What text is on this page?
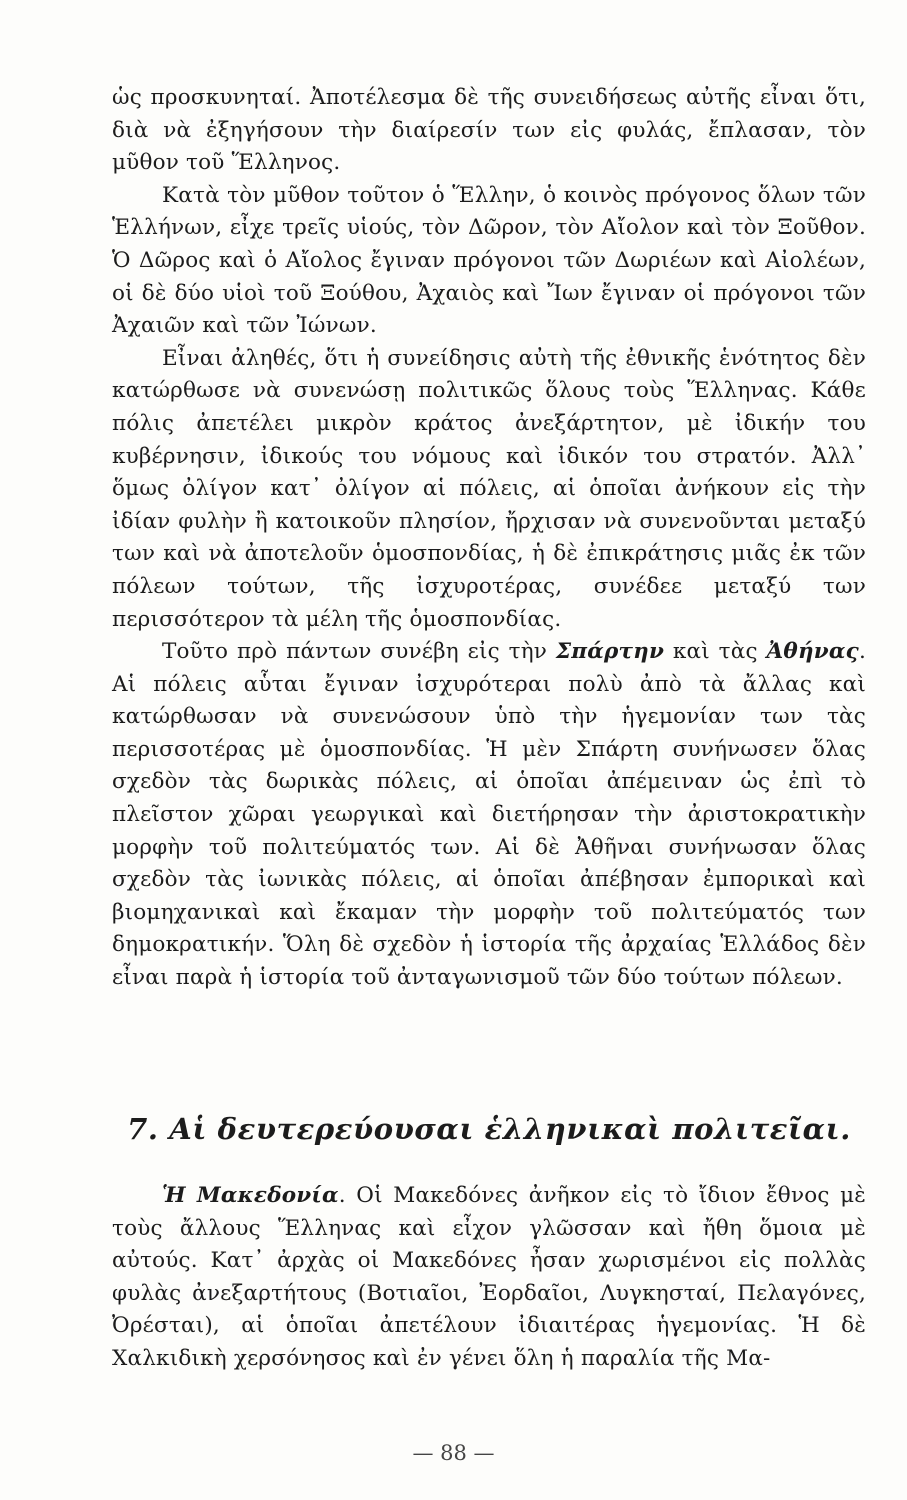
ὡς προσκυνηταί. Ἀποτέλεσμα δὲ τῆς συνειδήσεως αὐτῆς εἶναι ὅτι, διὰ νὰ ἐξηγήσουν τὴν διαίρεσίν των εἰς φυλάς, ἔπλασαν, τὸν μῦθον τοῦ Ἕλληνος.

Κατὰ τὸν μῦθον τοῦτον ὁ Ἕλλην, ὁ κοινὸς πρόγονος ὅλων τῶν Ἑλλήνων, εἶχε τρεῖς υἱούς, τὸν Δῶρον, τὸν Αἴολον καὶ τὸν Ξοῦθον. Ὁ Δῶρος καὶ ὁ Αἴολος ἔγιναν πρόγονοι τῶν Δωριέων καὶ Αἰολέων, οἱ δὲ δύο υἱοὶ τοῦ Ξούθου, Ἀχαιὸς καὶ Ἴων ἔγιναν οἱ πρόγονοι τῶν Ἀχαιῶν καὶ τῶν Ἰώνων.

Εἶναι ἀληθές, ὅτι ἡ συνείδησις αὐτὴ τῆς ἐθνικῆς ἑνότητος δὲν κατώρθωσε νὰ συνενώσῃ πολιτικῶς ὅλους τοὺς Ἕλληνας. Κάθε πόλις ἀπετέλει μικρὸν κράτος ἀνεξάρτητον, μὲ ἰδικήν του κυβέρνησιν, ἰδικούς του νόμους καὶ ἰδικόν του στρατόν. Ἀλλ᾽ ὅμως ὀλίγον κατ᾽ ὀλίγον αἱ πόλεις, αἱ ὁποῖαι ἀνήκουν εἰς τὴν ἰδίαν φυλὴν ἢ κατοικοῦν πλησίον, ἤρχισαν νὰ συνενοῦνται μεταξύ των καὶ νὰ ἀποτελοῦν ὁμοσπονδίας, ἡ δὲ ἐπικράτησις μιᾶς ἐκ τῶν πόλεων τούτων, τῆς ἰσχυροτέρας, συνέδεε μεταξύ των περισσότερον τὰ μέλη τῆς ὁμοσπονδίας.

Τοῦτο πρὸ πάντων συνέβη εἰς τὴν Σπάρτην καὶ τὰς Ἀθήνας. Αἱ πόλεις αὗται ἔγιναν ἰσχυρότεραι πολὺ ἀπὸ τὰ ἄλλας καὶ κατώρθωσαν νὰ συνενώσουν ὑπὸ τὴν ἡγεμονίαν των τὰς περισσοτέρας μὲ ὁμοσπονδίας. Ἡ μὲν Σπάρτη συνήνωσεν ὅλας σχεδὸν τὰς δωρικὰς πόλεις, αἱ ὁποῖαι ἀπέμειναν ὡς ἐπὶ τὸ πλεῖστον χῶραι γεωργικαὶ καὶ διετήρησαν τὴν ἀριστοκρατικὴν μορφὴν τοῦ πολιτεύματός των. Αἱ δὲ Ἀθῆναι συνήνωσαν ὅλας σχεδὸν τὰς ἰωνικὰς πόλεις, αἱ ὁποῖαι ἀπέβησαν ἐμπορικαὶ καὶ βιομηχανικαὶ καὶ ἔκαμαν τὴν μορφὴν τοῦ πολιτεύματός των δημοκρατικήν. Ὅλη δὲ σχεδὸν ἡ ἱστορία τῆς ἀρχαίας Ἑλλάδος δὲν εἶναι παρὰ ἡ ἱστορία τοῦ ἀνταγωνισμοῦ τῶν δύο τούτων πόλεων.

7. Αἱ δευτερεύουσαι ἑλληνικαὶ πολιτεῖαι.

Ἡ Μακεδονία. Οἱ Μακεδόνες ἀνῆκον εἰς τὸ ἴδιον ἔθνος μὲ τοὺς ἄλλους Ἕλληνας καὶ εἶχον γλῶσσαν καὶ ἤθη ὅμοια μὲ αὐτούς. Κατ᾽ ἀρχὰς οἱ Μακεδόνες ἦσαν χωρισμένοι εἰς πολλὰς φυλὰς ἀνεξαρτήτους (Βοτιαῖοι, Ἐορδαῖοι, Λυγκησταί, Πελαγόνες, Ὀρέσται), αἱ ὁποῖαι ἀπετέλουν ἰδιαιτέρας ἡγεμονίας. Ἡ δὲ Χαλκιδικὴ χερσόνησος καὶ ἐν γένει ὅλη ἡ παραλία τῆς Μα-

— 88 —
